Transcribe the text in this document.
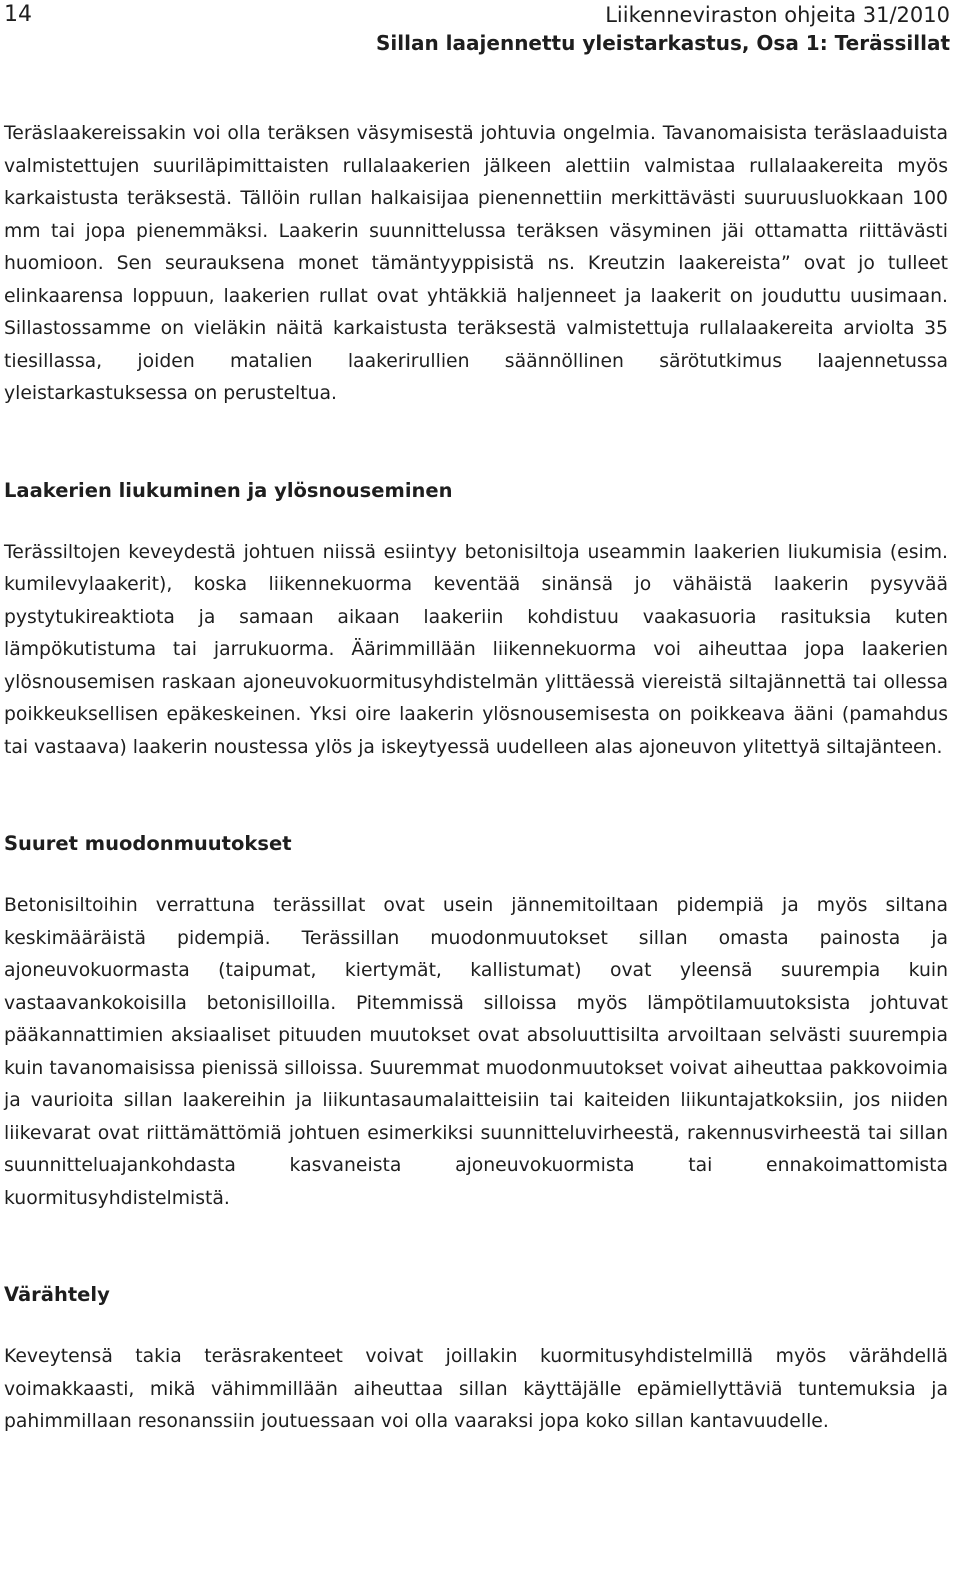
14	Liikenneviraston ohjeita 31/2010
Sillan laajennettu yleistarkastus, Osa 1: Terässillat

Teräslaakereissakin voi olla teräksen väsymisestä johtuvia ongelmia. Tavanomaisista teräslaaduista valmistettujen suuriläpimittaisten rullalaakerien jälkeen alettiin valmistaa rullalaakereita myös karkaistusta teräksestä. Tällöin rullan halkaisijaa pienennettiin merkittävästi suuruusluokkaan 100 mm tai jopa pienemmäksi. Laakerin suunnittelussa teräksen väsyminen jäi ottamatta riittävästi huomioon. Sen seurauksena monet tämäntyyppisistä ns. Kreutzin laakereista” ovat jo tulleet elinkaarensa loppuun, laakerien rullat ovat yhtäkkiä haljenneet ja laakerit on jouduttu uusimaan. Sillastossamme on vieläkin näitä karkaistusta teräksestä valmistettuja rullalaakereita arviolta 35 tiesillassa, joiden matalien laakerirullien säännöllinen särötutkimus laajennetussa yleistarkastuksessa on perusteltua.

Laakerien liukuminen ja ylösnouseminen

Terässiltojen keveydestä johtuen niissä esiintyy betonisiltoja useammin laakerien liukumisia (esim. kumilevylaakerit), koska liikennekuorma keventää sinänsä jo vähäistä laakerin pysyvää pystytukireaktiota ja samaan aikaan laakeriin kohdistuu vaakasuoria rasituksia kuten lämpökutistuma tai jarrukuorma. Äärimmillään liikennekuorma voi aiheuttaa jopa laakerien ylösnousemisen raskaan ajoneuvokuormitusyhdistelmän ylittäessä viereistä siltajännettä tai ollessa poikkeuksellisen epäkeskeinen. Yksi oire laakerin ylösnousemisesta on poikkeava ääni (pamahdus tai vastaava) laakerin noustessa ylös ja iskeytyessä uudelleen alas ajoneuvon ylitettyä siltajänteen.

Suuret muodonmuutokset

Betonisiltoihin verrattuna terässillat ovat usein jännemitoiltaan pidempiä ja myös siltana keskimääräistä pidempiä. Terässillan muodonmuutokset sillan omasta painosta ja ajoneuvokuormasta (taipumat, kiertymät, kallistumat) ovat yleensä suurempia kuin vastaavankokoisilla betonisilloilla. Pitemmissä silloissa myös lämpötilamuutoksista johtuvat pääkannattimien aksiaaliset pituuden muutokset ovat absoluuttisilta arvoiltaan selvästi suurempia kuin tavanomaisissa pienissä silloissa. Suuremmat muodonmuutokset voivat aiheuttaa pakkovoimia ja vaurioita sillan laakereihin ja liikuntasaumalaitteisiin tai kaiteiden liikuntajatkoksiin, jos niiden liikevarat ovat riittämättömiä johtuen esimerkiksi suunnitteluvirheestä, rakennusvirheestä tai sillan suunnitteluajankohdasta kasvaneista ajoneuvokuormista tai ennakoimattomista kuormitusyhdistelmistä.

Värähtely

Keveytensä takia teräsrakenteet voivat joillakin kuormitusyhdistelmillä myös värähdellä voimakkaasti, mikä vähimmillään aiheuttaa sillan käyttäjälle epämiellyttäviä tuntemuksia ja pahimmillaan resonanssiin joutuessaan voi olla vaaraksi jopa koko sillan kantavuudelle.
